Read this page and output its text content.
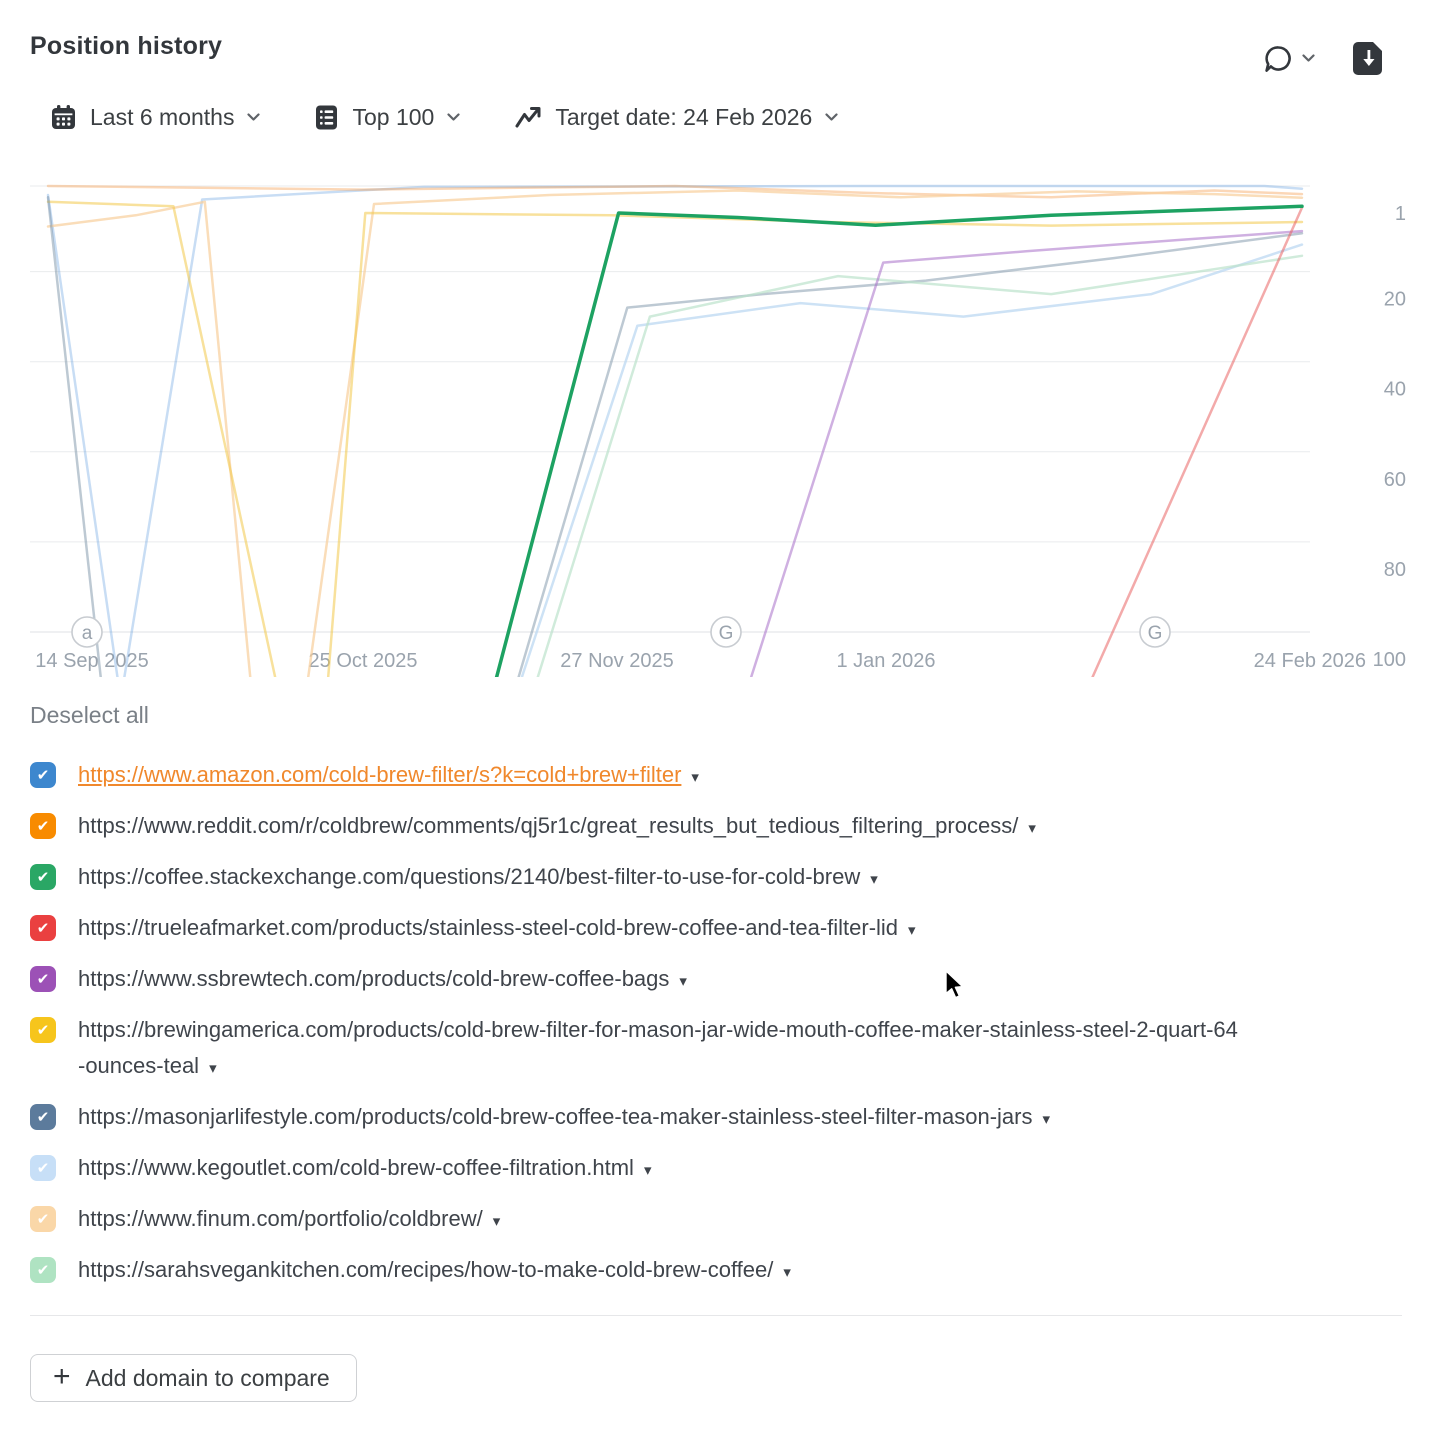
Position history
Last 6 months	Top 100	Target date: 24 Feb 2026
1
20
40
60
80
100
14 Sep 2025	25 Oct 2025	27 Nov 2025	1 Jan 2026	24 Feb 2026
a	G	G
Deselect all
✔ https://www.amazon.com/cold-brew-filter/s?k=cold+brew+filter▾
✔ https://www.reddit.com/r/coldbrew/comments/qj5r1c/great_results_but_tedious_filtering_process/▾
✔ https://coffee.stackexchange.com/questions/2140/best-filter-to-use-for-cold-brew▾
✔ https://trueleafmarket.com/products/stainless-steel-cold-brew-coffee-and-tea-filter-lid▾
✔ https://www.ssbrewtech.com/products/cold-brew-coffee-bags▾
✔ https://brewingamerica.com/products/cold-brew-filter-for-mason-jar-wide-mouth-coffee-maker-stainless-steel-2-quart-64-ounces-teal▾
✔ https://masonjarlifestyle.com/products/cold-brew-coffee-tea-maker-stainless-steel-filter-mason-jars▾
✔ https://www.kegoutlet.com/cold-brew-coffee-filtration.html▾
✔ https://www.finum.com/portfolio/coldbrew/▾
✔ https://sarahsvegankitchen.com/recipes/how-to-make-cold-brew-coffee/▾
+ Add domain to compare
